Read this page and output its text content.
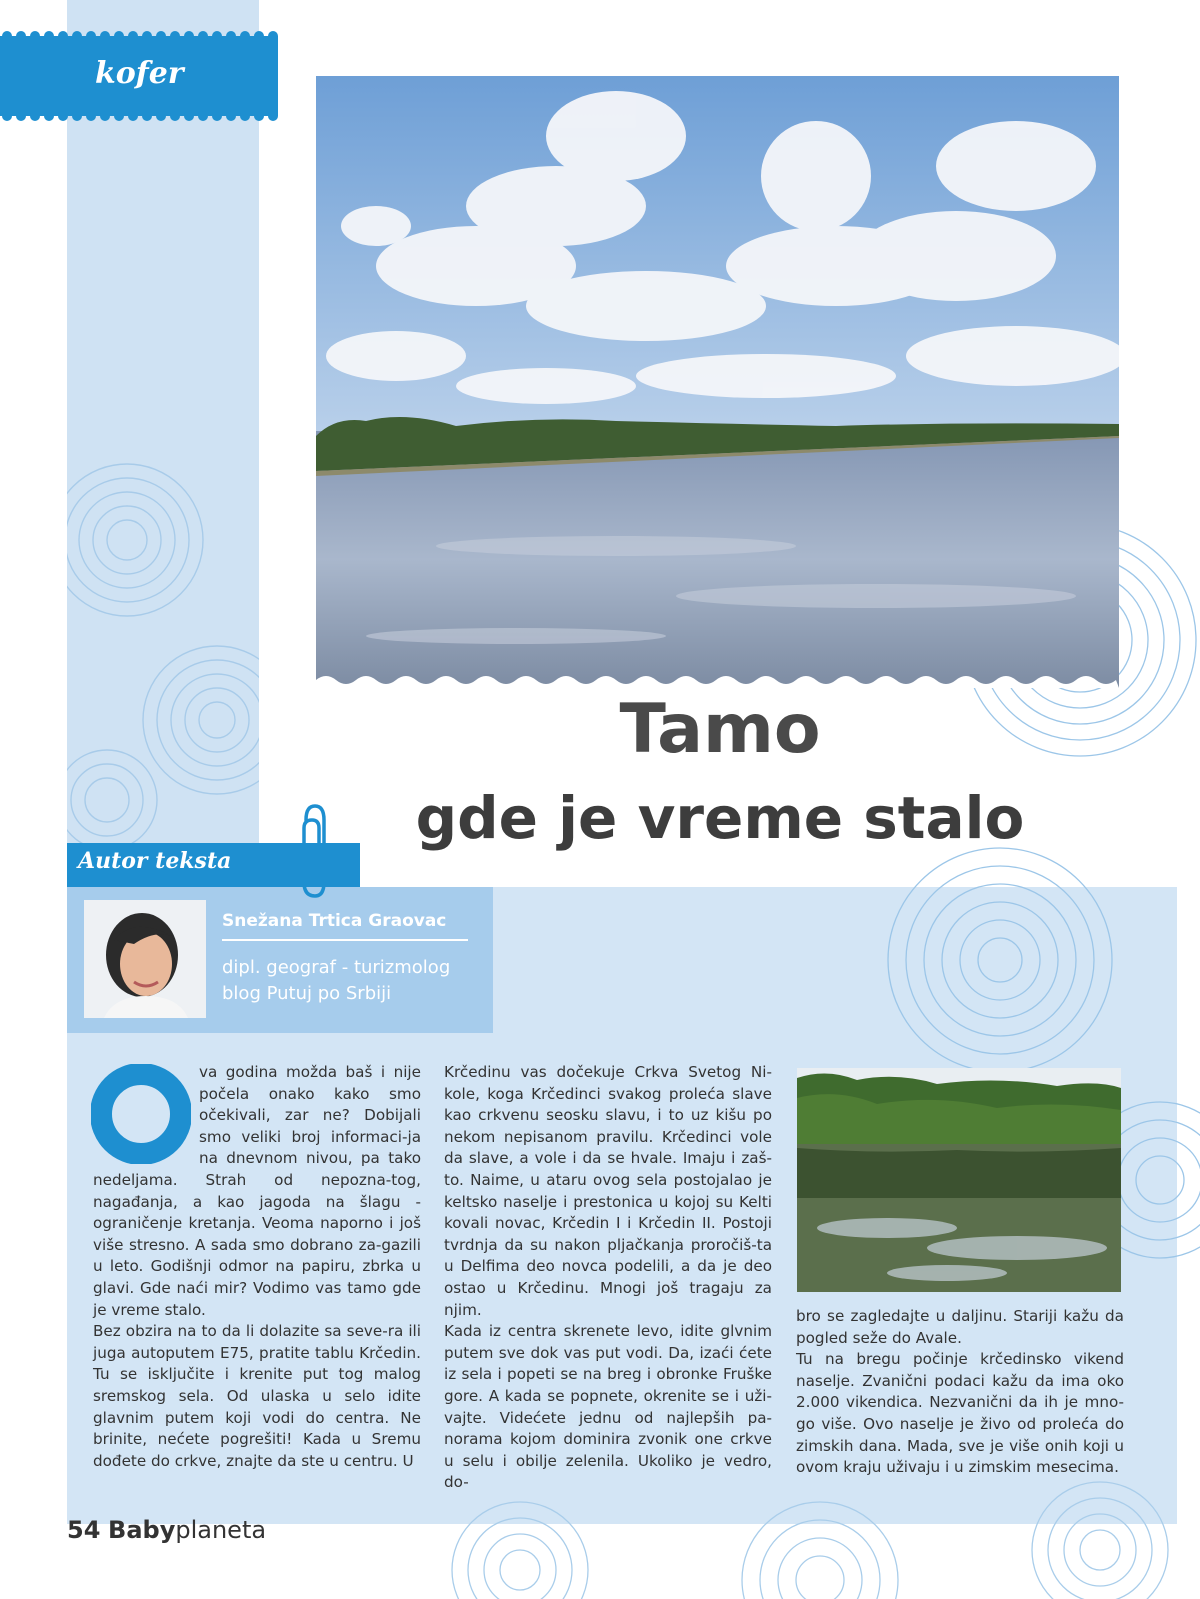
kofer
Tamo
gde je vreme stalo
Autor teksta
Snežana Trtica Graovac
dipl. geograf - turizmolog
blog Putuj po Srbiji
O

va godina možda baš i nije počela onako kako smo očekivali, zar ne? Dobijali smo veliki broj informaci-ja na dnevnom nivou, pa tako nedeljama. Strah od nepozna-tog, nagađanja, a kao jagoda na šlagu - ograničenje kretanja. Veoma naporno i još više stresno. A sada smo dobrano za-gazili u leto. Godišnji odmor na papiru, zbrka u glavi. Gde naći mir? Vodimo vas tamo gde je vreme stalo.

Bez obzira na to da li dolazite sa seve-ra ili juga autoputem E75, pratite tablu Krčedin. Tu se isključite i krenite put tog malog sremskog sela. Od ulaska u selo idite glavnim putem koji vodi do centra. Ne brinite, nećete pogrešiti! Kada u Sremu dođete do crkve, znajte da ste u centru. U

Krčedinu vas dočekuje Crkva Svetog Ni-kole, koga Krčedinci svakog proleća slave kao crkvenu seosku slavu, i to uz kišu po nekom nepisanom pravilu. Krčedinci vole da slave, a vole i da se hvale. Imaju i zaš-to. Naime, u ataru ovog sela postojalao je keltsko naselje i prestonica u kojoj su Kelti kovali novac, Krčedin I i Krčedin II. Postoji tvrdnja da su nakon pljačkanja proročiš-ta u Delfima deo novca podelili, a da je deo ostao u Krčedinu. Mnogi još tragaju za njim.

Kada iz centra skrenete levo, idite glvnim putem sve dok vas put vodi. Da, izaći ćete iz sela i popeti se na breg i obronke Fruške gore. A kada se popnete, okrenite se i uži-vajte. Videćete jednu od najlepših pa-norama kojom dominira zvonik one crkve u selu i obilje zelenila. Ukoliko je vedro, do-

bro se zagledajte u daljinu. Stariji kažu da pogled seže do Avale.

Tu na bregu počinje krčedinsko vikend naselje. Zvanični podaci kažu da ima oko 2.000 vikendica. Nezvanični da ih je mno-go više. Ovo naselje je živo od proleća do zimskih dana. Mada, sve je više onih koji u ovom kraju uživaju i u zimskim mesecima.

54 Babyplaneta
